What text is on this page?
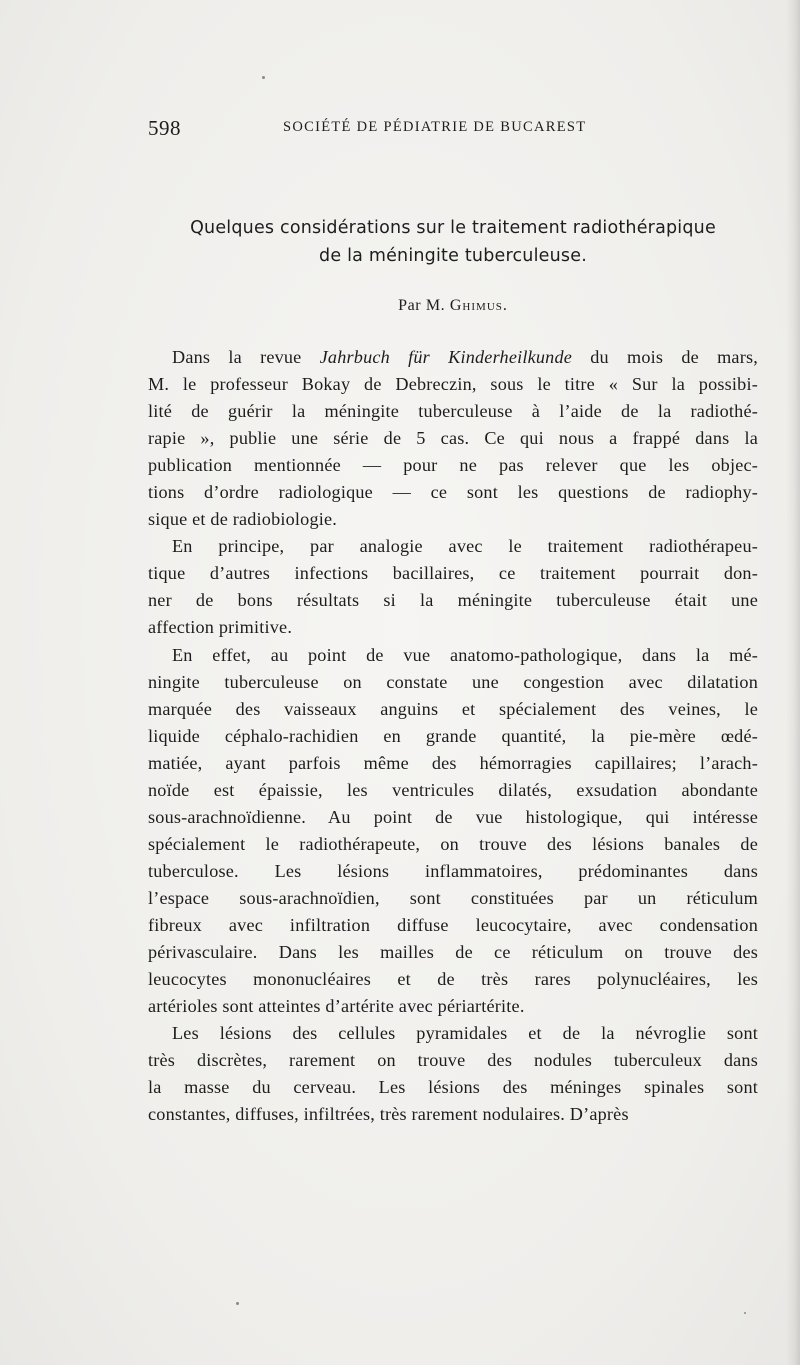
598	SOCIÉTÉ DE PÉDIATRIE DE BUCAREST
Quelques considérations sur le traitement radiothérapique
de la méningite tuberculeuse.
Par M. Ghimus.
Dans la revue Jahrbuch für Kinderheilkunde du mois de mars,
M. le professeur Bokay de Debreczin, sous le titre « Sur la possibi-
lité de guérir la méningite tuberculeuse à l’aide de la radiothé-
rapie », publie une série de 5 cas. Ce qui nous a frappé dans la
publication mentionnée — pour ne pas relever que les objec-
tions d’ordre radiologique — ce sont les questions de radiophy-
sique et de radiobiologie.
En principe, par analogie avec le traitement radiothérapeu-
tique d’autres infections bacillaires, ce traitement pourrait don-
ner de bons résultats si la méningite tuberculeuse était une
affection primitive.
En effet, au point de vue anatomo-pathologique, dans la mé-
ningite tuberculeuse on constate une congestion avec dilatation
marquée des vaisseaux anguins et spécialement des veines, le
liquide céphalo-rachidien en grande quantité, la pie-mère œdé-
matiée, ayant parfois même des hémorragies capillaires; l’arach-
noïde est épaissie, les ventricules dilatés, exsudation abondante
sous-arachnoïdienne. Au point de vue histologique, qui intéresse
spécialement le radiothérapeute, on trouve des lésions banales de
tuberculose. Les lésions inflammatoires, prédominantes dans
l’espace sous-arachnoïdien, sont constituées par un réticulum
fibreux avec infiltration diffuse leucocytaire, avec condensation
périvasculaire. Dans les mailles de ce réticulum on trouve des
leucocytes mononucléaires et de très rares polynucléaires, les
artérioles sont atteintes d’artérite avec périartérite.
Les lésions des cellules pyramidales et de la névroglie sont
très discrètes, rarement on trouve des nodules tuberculeux dans
la masse du cerveau. Les lésions des méninges spinales sont
constantes, diffuses, infiltrées, très rarement nodulaires. D’après
